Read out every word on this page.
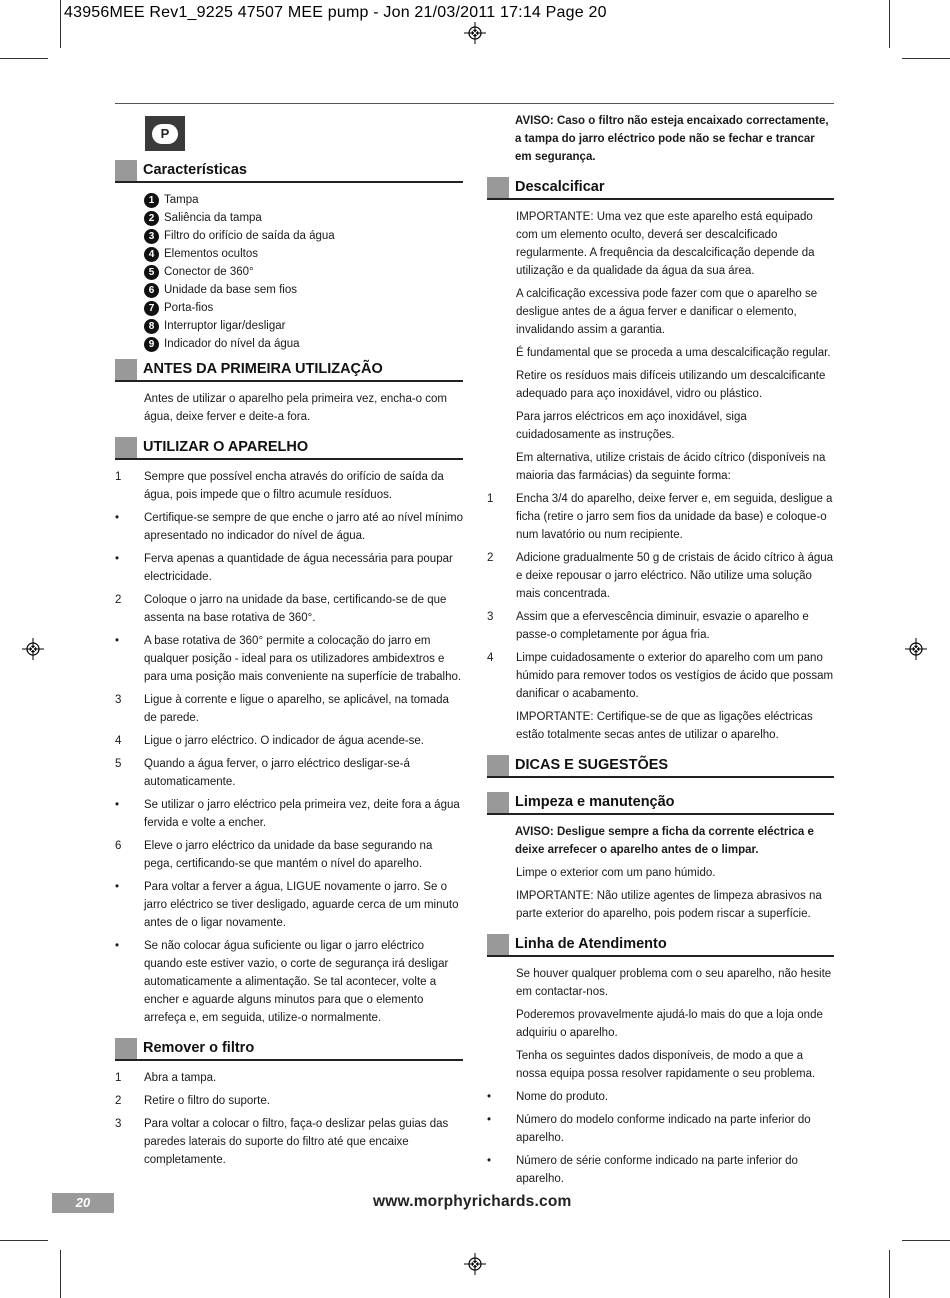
43956MEE Rev1_9225 47507 MEE pump - Jon 21/03/2011 17:14 Page 20
P
Características
1 Tampa
2 Saliência da tampa
3 Filtro do orifício de saída da água
4 Elementos ocultos
5 Conector de 360°
6 Unidade da base sem fios
7 Porta-fios
8 Interruptor ligar/desligar
9 Indicador do nível da água
ANTES DA PRIMEIRA UTILIZAÇÃO
Antes de utilizar o aparelho pela primeira vez, encha-o com água, deixe ferver e deite-a fora.
UTILIZAR O APARELHO
1	Sempre que possível encha através do orifício de saída da água, pois impede que o filtro acumule resíduos.
•	Certifique-se sempre de que enche o jarro até ao nível mínimo apresentado no indicador do nível de água.
•	Ferva apenas a quantidade de água necessária para poupar electricidade.
2	Coloque o jarro na unidade da base, certificando-se de que assenta na base rotativa de 360°.
•	A base rotativa de 360° permite a colocação do jarro em qualquer posição - ideal para os utilizadores ambidextros e para uma posição mais conveniente na superfície de trabalho.
3	Ligue à corrente e ligue o aparelho, se aplicável, na tomada de parede.
4	Ligue o jarro eléctrico. O indicador de água acende-se.
5	Quando a água ferver, o jarro eléctrico desligar-se-á automaticamente.
•	Se utilizar o jarro eléctrico pela primeira vez, deite fora a água fervida e volte a encher.
6	Eleve o jarro eléctrico da unidade da base segurando na pega, certificando-se que mantém o nível do aparelho.
•	Para voltar a ferver a água, LIGUE novamente o jarro. Se o jarro eléctrico se tiver desligado, aguarde cerca de um minuto antes de o ligar novamente.
•	Se não colocar água suficiente ou ligar o jarro eléctrico quando este estiver vazio, o corte de segurança irá desligar automaticamente a alimentação. Se tal acontecer, volte a encher e aguarde alguns minutos para que o elemento arrefeça e, em seguida, utilize-o normalmente.
Remover o filtro
1	Abra a tampa.
2	Retire o filtro do suporte.
3	Para voltar a colocar o filtro, faça-o deslizar pelas guias das paredes laterais do suporte do filtro até que encaixe completamente.
AVISO: Caso o filtro não esteja encaixado correctamente, a tampa do jarro eléctrico pode não se fechar e trancar em segurança.
Descalcificar
IMPORTANTE: Uma vez que este aparelho está equipado com um elemento oculto, deverá ser descalcificado regularmente. A frequência da descalcificação depende da utilização e da qualidade da água da sua área.
A calcificação excessiva pode fazer com que o aparelho se desligue antes de a água ferver e danificar o elemento, invalidando assim a garantia.
É fundamental que se proceda a uma descalcificação regular.
Retire os resíduos mais difíceis utilizando um descalcificante adequado para aço inoxidável, vidro ou plástico.
Para jarros eléctricos em aço inoxidável, siga cuidadosamente as instruções.
Em alternativa, utilize cristais de ácido cítrico (disponíveis na maioria das farmácias) da seguinte forma:
1	Encha 3/4 do aparelho, deixe ferver e, em seguida, desligue a ficha (retire o jarro sem fios da unidade da base) e coloque-o num lavatório ou num recipiente.
2	Adicione gradualmente 50 g de cristais de ácido cítrico à água e deixe repousar o jarro eléctrico. Não utilize uma solução mais concentrada.
3	Assim que a efervescência diminuir, esvazie o aparelho e passe-o completamente por água fria.
4	Limpe cuidadosamente o exterior do aparelho com um pano húmido para remover todos os vestígios de ácido que possam danificar o acabamento.
IMPORTANTE: Certifique-se de que as ligações eléctricas estão totalmente secas antes de utilizar o aparelho.
DICAS E SUGESTÕES
Limpeza e manutenção
AVISO: Desligue sempre a ficha da corrente eléctrica e deixe arrefecer o aparelho antes de o limpar.
Limpe o exterior com um pano húmido.
IMPORTANTE: Não utilize agentes de limpeza abrasivos na parte exterior do aparelho, pois podem riscar a superfície.
Linha de Atendimento
Se houver qualquer problema com o seu aparelho, não hesite em contactar-nos.
Poderemos provavelmente ajudá-lo mais do que a loja onde adquiriu o aparelho.
Tenha os seguintes dados disponíveis, de modo a que a nossa equipa possa resolver rapidamente o seu problema.
•	Nome do produto.
•	Número do modelo conforme indicado na parte inferior do aparelho.
•	Número de série conforme indicado na parte inferior do aparelho.
20	www.morphyrichards.com
